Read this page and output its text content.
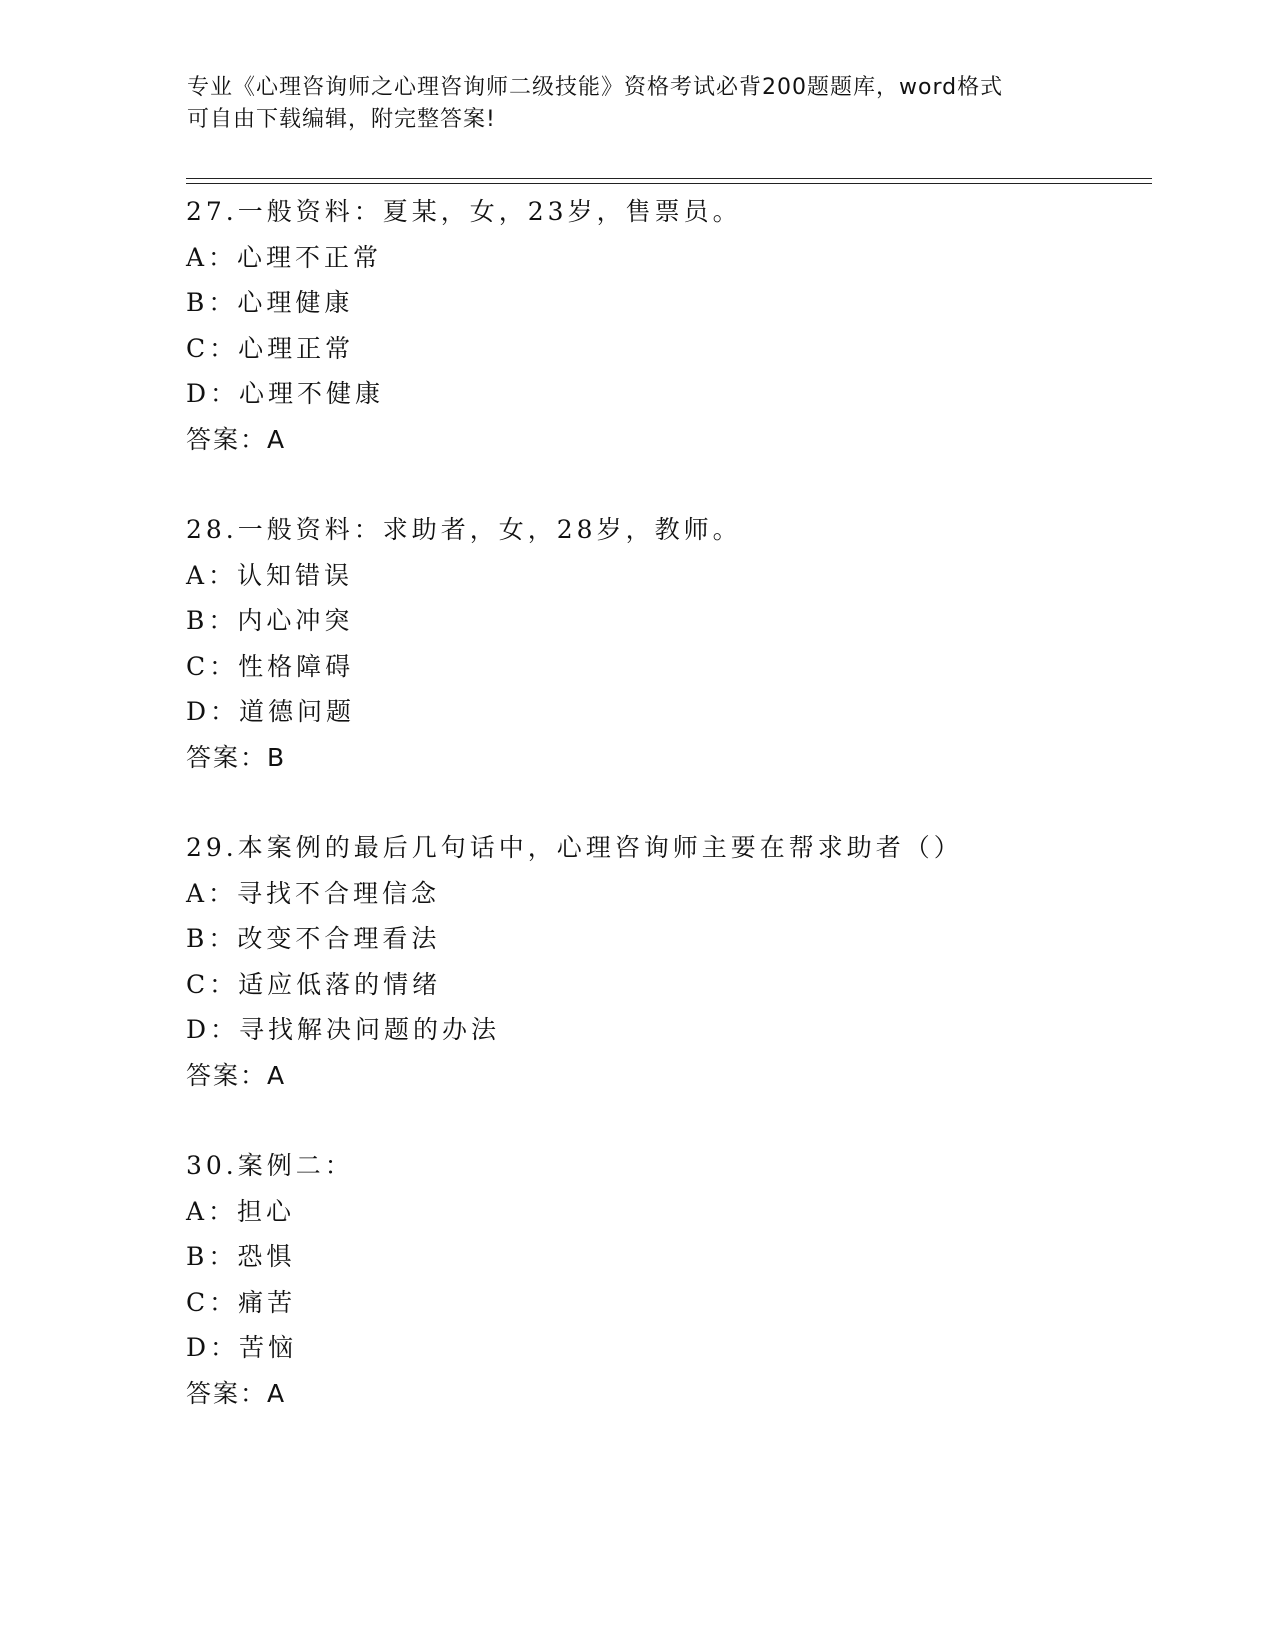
专业《心理咨询师之心理咨询师二级技能》资格考试必背200题题库，word格式
可自由下载编辑，附完整答案!
27.一般资料：夏某，女，23岁，售票员。
A：心理不正常
B：心理健康
C：心理正常
D：心理不健康
答案：A
28.一般资料：求助者，女，28岁，教师。
A：认知错误
B：内心冲突
C：性格障碍
D：道德问题
答案：B
29.本案例的最后几句话中，心理咨询师主要在帮求助者（）
A：寻找不合理信念
B：改变不合理看法
C：适应低落的情绪
D：寻找解决问题的办法
答案：A
30.案例二：
A：担心
B：恐惧
C：痛苦
D：苦恼
答案：A
